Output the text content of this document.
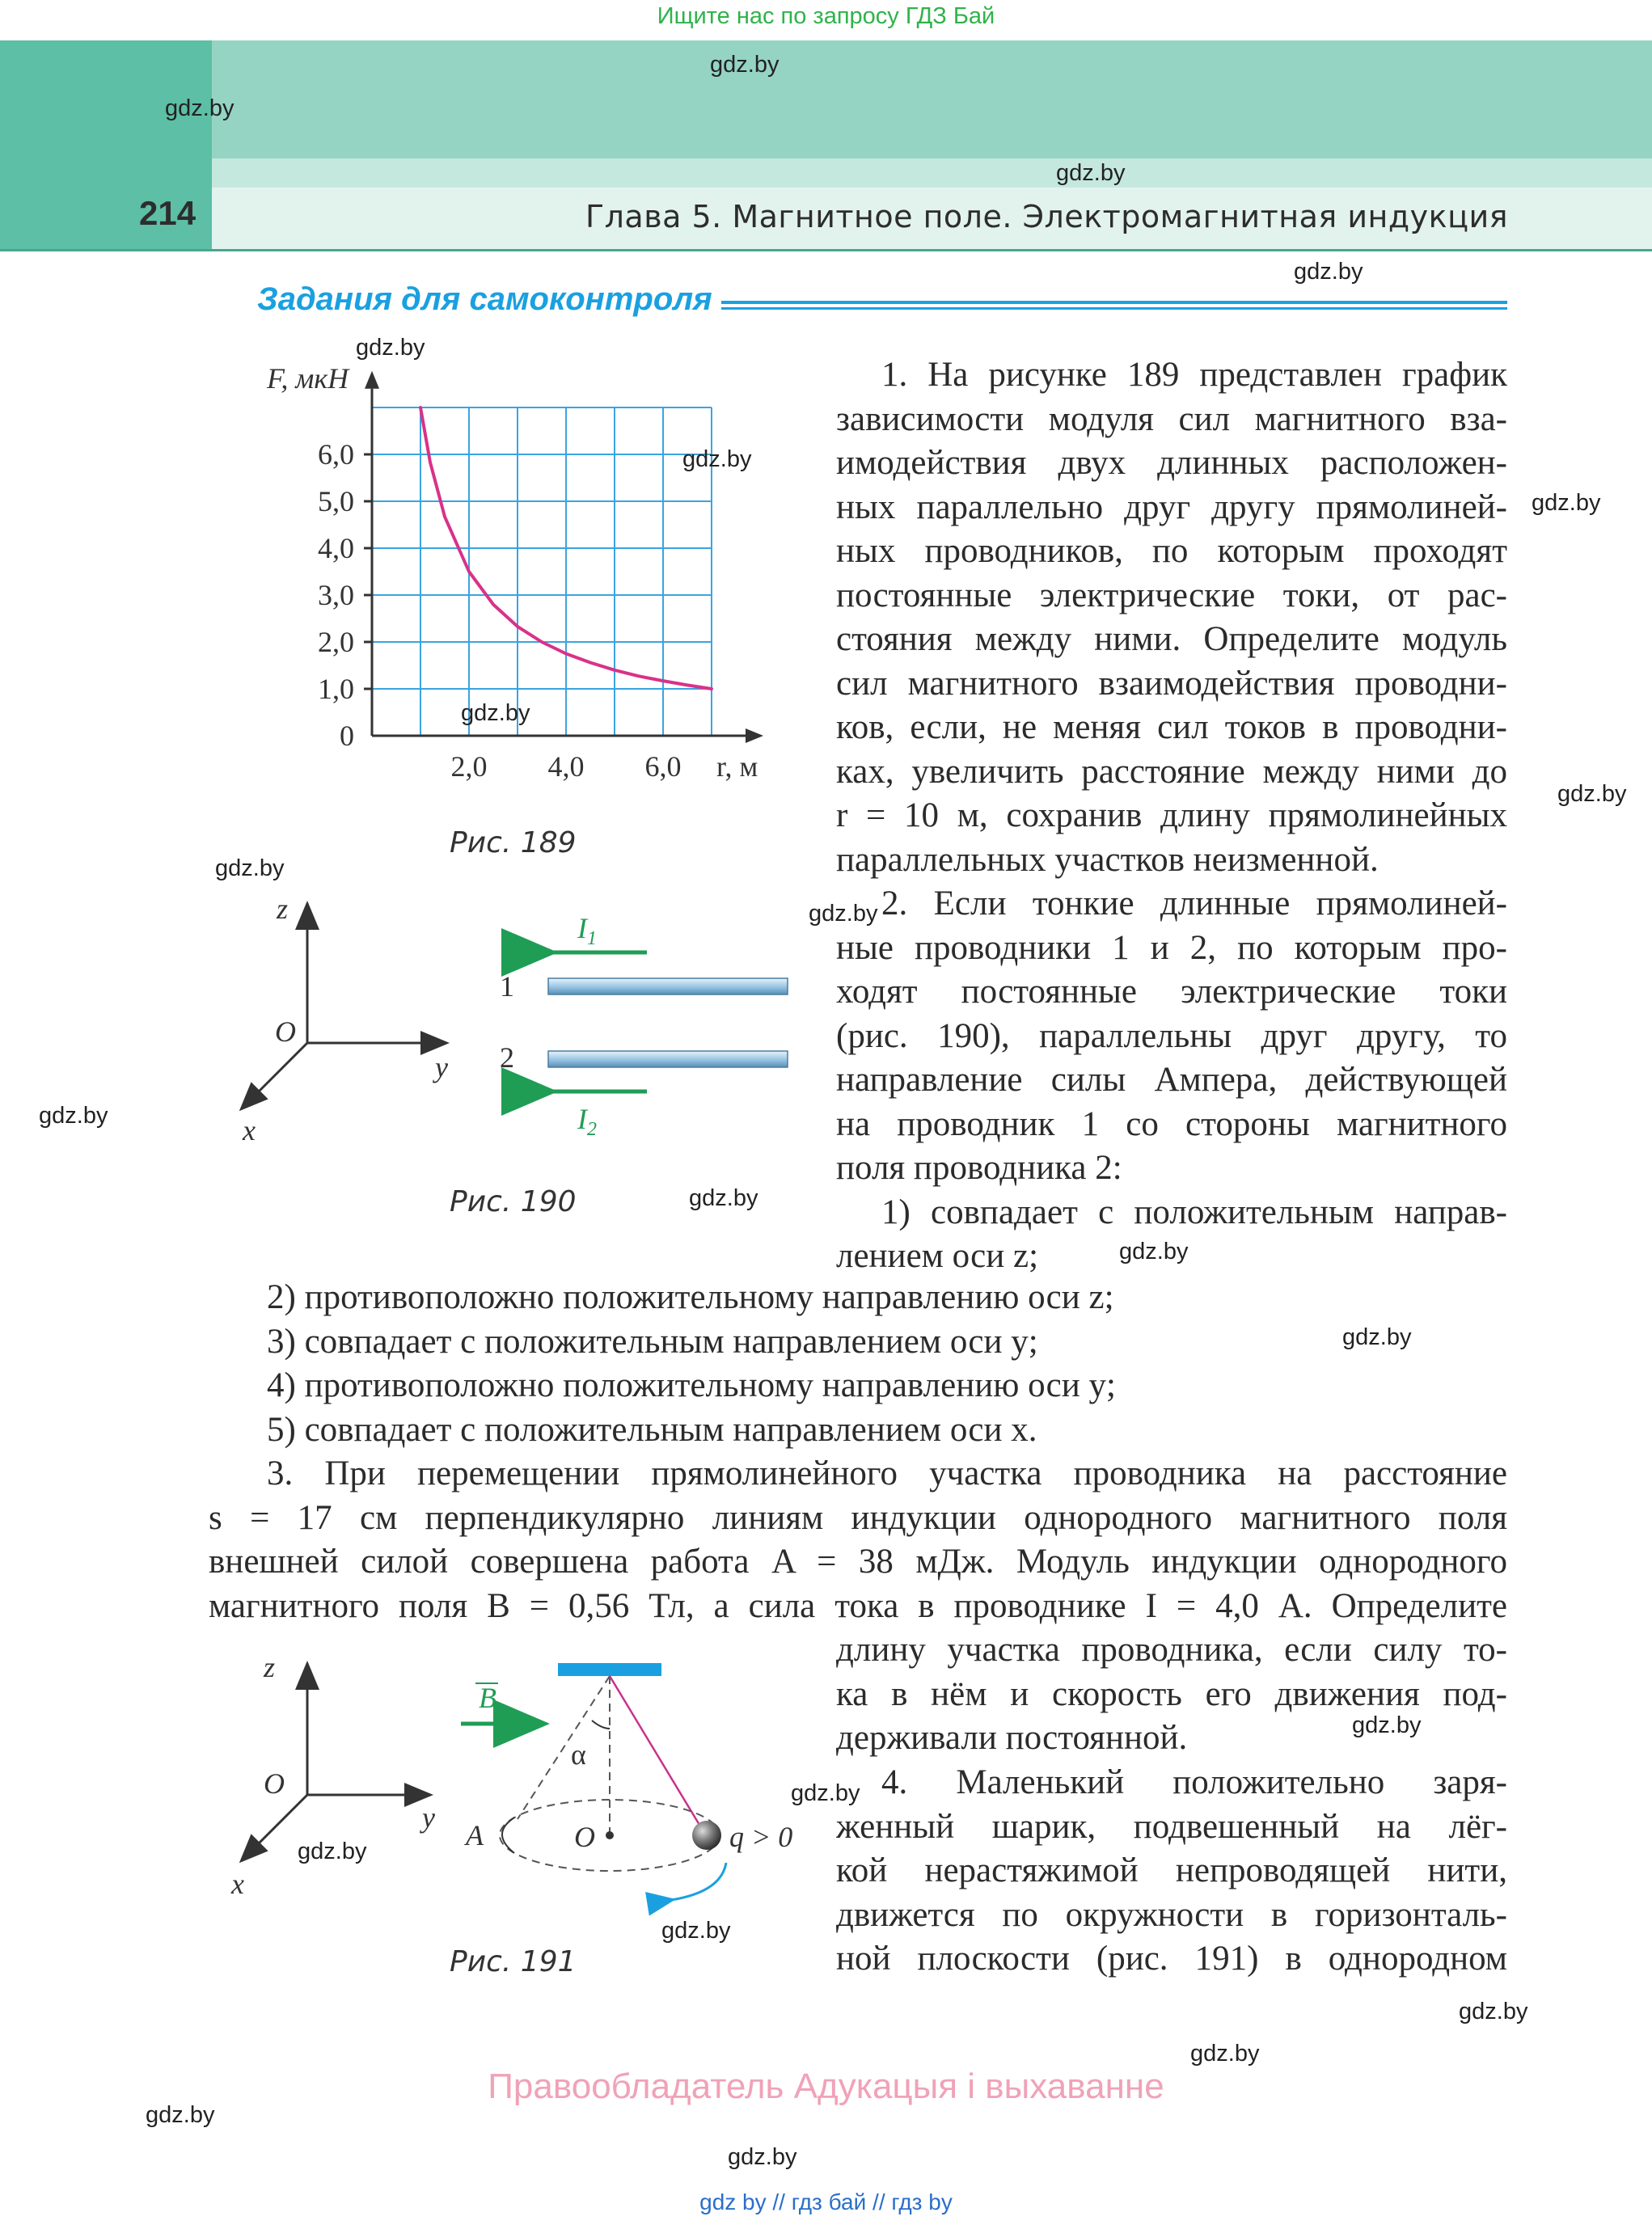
Ищите нас по запросу ГДЗ Бай
214	Глава 5. Магнитное поле. Электромагнитная индукция
Задания для самоконтроля
0
1,0
2,0
3,0
4,0
5,0
6,0
2,0 4,0 6,0
F, мкН
r, м
Рис. 189
z
y
x
O
1
2
$I_1$
$I_2$
Рис. 190
z
y
x
O
B
α
A	O	q > 0
Рис. 191
1. На рисунке 189 представлен график
зависимости модуля сил магнитного вза-
имодействия двух длинных расположен-
ных параллельно друг другу прямолиней-
ных проводников, по которым проходят
постоянные электрические токи, от рас-
стояния между ними. Определите модуль
сил магнитного взаимодействия проводни-
ков, если, не меняя сил токов в проводни-
ках, увеличить расстояние между ними до
r = 10 м, сохранив длину прямолинейных
параллельных участков неизменной.
2. Если тонкие длинные прямолиней-
ные проводники 1 и 2, по которым про-
ходят постоянные электрические токи
(рис. 190), параллельны друг другу, то
направление силы Ампера, действующей
на проводник 1 со стороны магнитного
поля проводника 2:
1) совпадает с положительным направ-
лением оси z;
2) противоположно положительному направлению оси z;
3) совпадает с положительным направлением оси y;
4) противоположно положительному направлению оси y;
5) совпадает с положительным направлением оси x.
3. При перемещении прямолинейного участка проводника на расстояние
s = 17 см перпендикулярно линиям индукции однородного магнитного поля
внешней силой совершена работа A = 38 мДж. Модуль индукции однородного
магнитного поля B = 0,56 Тл, а сила тока в проводнике I = 4,0 А. Определите
длину участка проводника, если силу то-
ка в нём и скорость его движения под-
держивали постоянной.
4. Маленький положительно заря-
женный шарик, подвешенный на лёг-
кой нерастяжимой непроводящей нити,
движется по окружности в горизонталь-
ной плоскости (рис. 191) в однородном
gdz.by
gdz.by
gdz.by
gdz.by
gdz.by
gdz.by
gdz.by
gdz.by
gdz.by
gdz.by
gdz.by
gdz.by
gdz.by
gdz.by
gdz.by
gdz.by
gdz.by
gdz.by
gdz.by
gdz.by
gdz.by
gdz.by
gdz.by
Правообладатель Адукацыя і выхаванне
gdz by // гдз бай // гдз by
